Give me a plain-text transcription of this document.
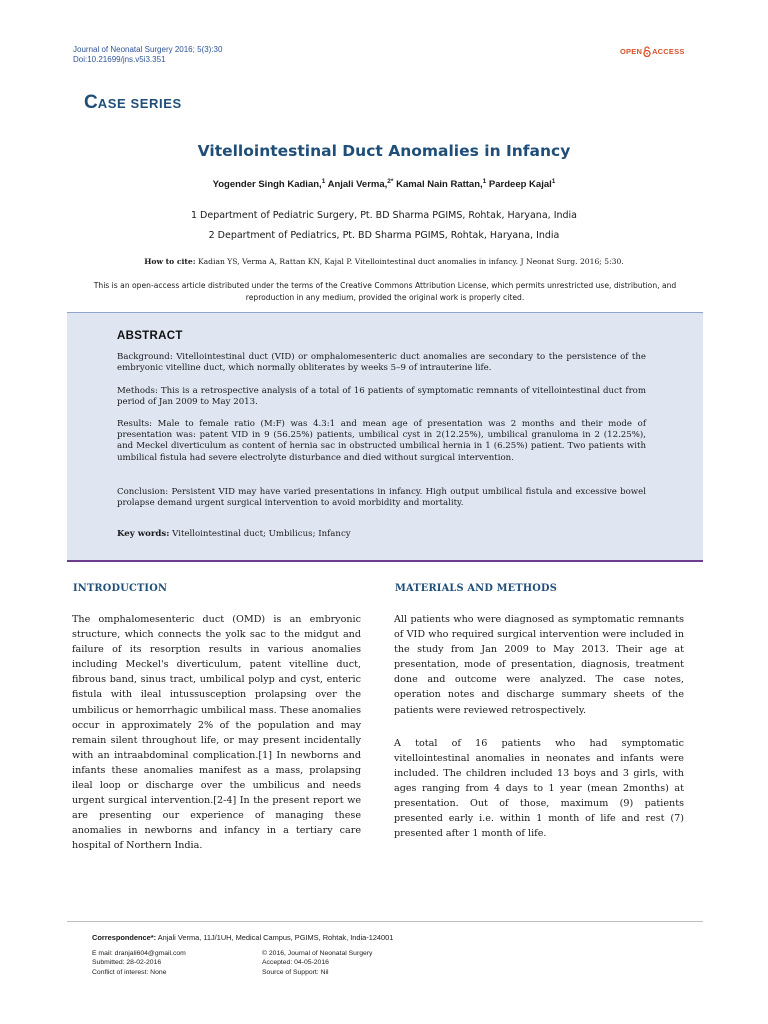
Journal of Neonatal Surgery 2016; 5(3):30
Doi:10.21699/jns.v5i3.351
OPEN ACCESS
CASE SERIES
Vitellointestinal Duct Anomalies in Infancy
Yogender Singh Kadian,$^1$ Anjali Verma,$^{2*}$ Kamal Nain Rattan,$^1$ Pardeep Kajal$^1$
1 Department of Pediatric Surgery, Pt. BD Sharma PGIMS, Rohtak, Haryana, India
2 Department of Pediatrics, Pt. BD Sharma PGIMS, Rohtak, Haryana, India
How to cite: Kadian YS, Verma A, Rattan KN, Kajal P. Vitellointestinal duct anomalies in infancy. J Neonat Surg. 2016; 5:30.
This is an open-access article distributed under the terms of the Creative Commons Attribution License, which permits unrestricted use, distribution, and reproduction in any medium, provided the original work is properly cited.
ABSTRACT
Background: Vitellointestinal duct (VID) or omphalomesenteric duct anomalies are secondary to the persistence of the embryonic vitelline duct, which normally obliterates by weeks 5–9 of intrauterine life.
Methods: This is a retrospective analysis of a total of 16 patients of symptomatic remnants of vitellointestinal duct from period of Jan 2009 to May 2013.
Results: Male to female ratio (M:F) was 4.3:1 and mean age of presentation was 2 months and their mode of presentation was: patent VID in 9 (56.25%) patients, umbilical cyst in 2(12.25%), umbilical granuloma in 2 (12.25%), and Meckel diverticulum as content of hernia sac in obstructed umbilical hernia in 1 (6.25%) patient. Two patients with umbilical fistula had severe electrolyte disturbance and died without surgical intervention.
Conclusion: Persistent VID may have varied presentations in infancy. High output umbilical fistula and excessive bowel prolapse demand urgent surgical intervention to avoid morbidity and mortality.
Key words: Vitellointestinal duct; Umbilicus; Infancy
INTRODUCTION

The omphalomesenteric duct (OMD) is an embryonic structure, which connects the yolk sac to the midgut and failure of its resorption results in various anomalies including Meckel's diverticulum, patent vitelline duct, fibrous band, sinus tract, umbilical polyp and cyst, enteric fistula with ileal intussusception prolapsing over the umbilicus or hemorrhagic umbilical mass. These anomalies occur in approximately 2% of the population and may remain silent throughout life, or may present incidentally with an intraabdominal complication.[1] In newborns and infants these anomalies manifest as a mass, prolapsing ileal loop or discharge over the umbilicus and needs urgent surgical intervention.[2-4] In the present report we are presenting our experience of managing these anomalies in newborns and infancy in a tertiary care hospital of Northern India.

MATERIALS AND METHODS

All patients who were diagnosed as symptomatic remnants of VID who required surgical intervention were included in the study from Jan 2009 to May 2013. Their age at presentation, mode of presentation, diagnosis, treatment done and outcome were analyzed. The case notes, operation notes and discharge summary sheets of the patients were reviewed retrospectively.

A total of 16 patients who had symptomatic vitellointestinal anomalies in neonates and infants were included. The children included 13 boys and 3 girls, with ages ranging from 4 days to 1 year (mean 2months) at presentation. Out of those, maximum (9) patients presented early i.e. within 1 month of life and rest (7) presented after 1 month of life.

Correspondence*: Anjali Verma, 11J/1UH, Medical Campus, PGIMS, Rohtak, India-124001
E mail: dranjali604@gmail.com
Submitted: 28-02-2016
Conflict of interest: None
© 2016, Journal of Neonatal Surgery
Accepted: 04-05-2016
Source of Support: Nil
